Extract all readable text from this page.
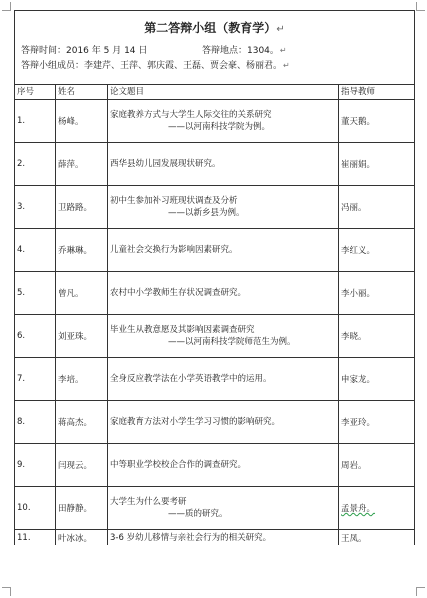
第二答辩小组（教育学）↵
答辩时间：2016 年 5 月 14 日	答辩地点：1304。↵
答辩小组成员：李建芹、王萍、郭庆霞、王磊、贾会豪、杨丽君。↵
序号	姓名	论文题目	指导教师
1.	杨峰。	家庭教养方式与大学生人际交往的关系研究
——以河南科技学院为例。	董天鹅。
2.	薛萍。	西华县幼儿园发展现状研究。	崔丽娟。
3.	卫路路。	初中生参加补习班现状调查及分析
——以新乡县为例。	冯丽。
4.	乔琳琳。	儿童社会交换行为影响因素研究。	李红义。
5.	曾凡。	农村中小学教师生存状况调查研究。	李小丽。
6.	刘亚珠。	毕业生从教意愿及其影响因素调查研究
——以河南科技学院师范生为例。	李晓。
7.	李培。	全身反应教学法在小学英语教学中的运用。	申家龙。
8.	蒋高杰。	家庭教育方法对小学生学习习惯的影响研究。	李亚玲。
9.	闫现云。	中等职业学校校企合作的调查研究。	周岩。
10.	田静静。	大学生为什么要考研
——质的研究。	孟景舟。
11.	叶冰冰。	3-6 岁幼儿移情与亲社会行为的相关研究。	王凤。
